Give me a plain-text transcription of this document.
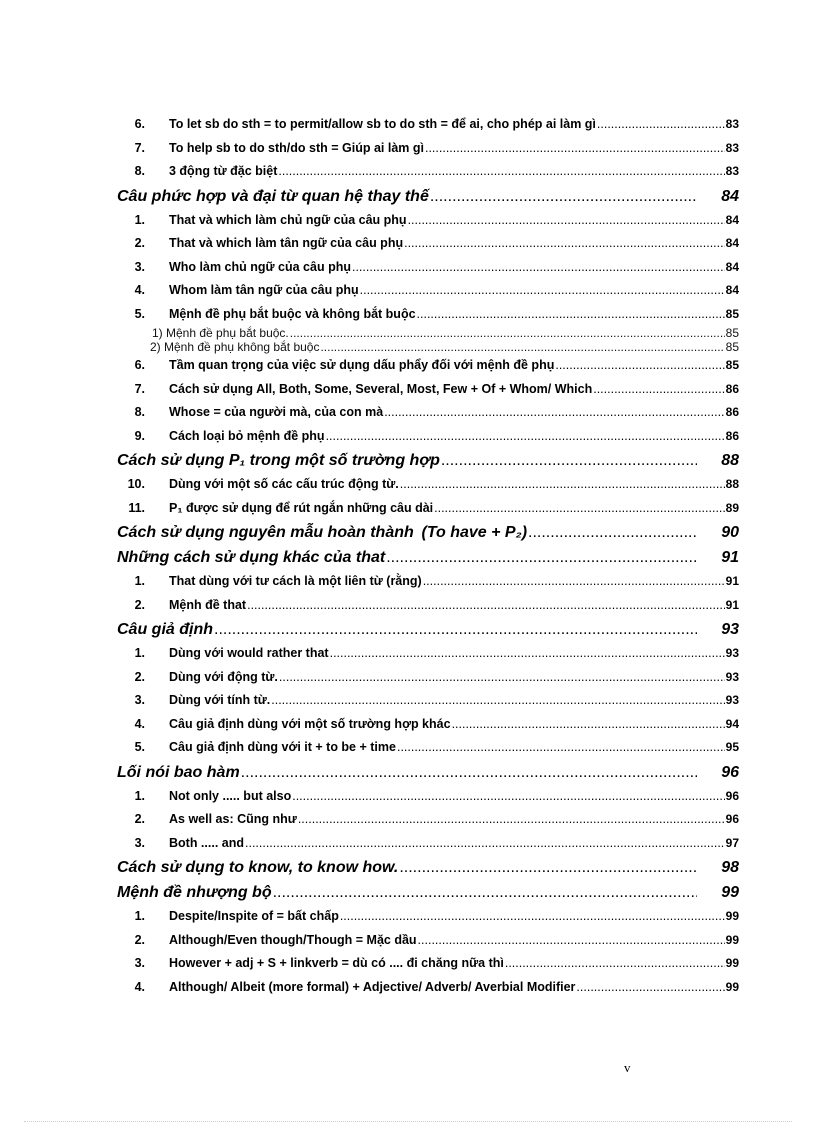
6. To let sb do sth = to permit/allow sb to do sth = để ai, cho phép ai làm gì .....	83
7. To help sb to do sth/do sth = Giúp ai làm gì .....	83
8. 3 động từ đặc biệt .....	83
Câu phức hợp và đại từ quan hệ thay thế .....	84
1. That và which làm chủ ngữ của câu phụ .....	84
2. That và which làm tân ngữ của câu phụ .....	84
3. Who làm chủ ngữ của câu phụ .....	84
4. Whom làm tân ngữ của câu phụ .....	84
5. Mệnh đề phụ bắt buộc và không bắt buộc .....	85
1) Mệnh đề phụ bắt buộc. .....	85
2) Mệnh đề phụ không bắt buộc .....	85
6. Tầm quan trọng của việc sử dụng dấu phẩy đối với mệnh đề phụ .....	85
7. Cách sử dụng All, Both, Some, Several, Most, Few + Of + Whom/ Which .....	86
8. Whose = của người mà, của con mà .....	86
9. Cách loại bỏ mệnh đề phụ .....	86
Cách sử dụng P₁ trong một số trường hợp .....	88
10. Dùng với một số các cấu trúc động từ. .....	88
11. P₁ được sử dụng để rút ngắn những câu dài .....	89
Cách sử dụng nguyên mẫu hoàn thành (To have + P₂) .....	90
Những cách sử dụng khác của that .....	91
1. That dùng với tư cách là một liên từ (rằng) .....	91
2. Mệnh đề that .....	91
Câu giả định .....	93
1. Dùng với would rather that .....	93
2. Dùng với động từ. .....	93
3. Dùng với tính từ. .....	93
4. Câu giả định dùng với một số trường hợp khác .....	94
5. Câu giả định dùng với it + to be + time .....	95
Lối nói bao hàm .....	96
1. Not only ..... but also .....	96
2. As well as: Cũng như .....	96
3. Both ..... and .....	97
Cách sử dụng to know, to know how. .....	98
Mệnh đề nhượng bộ .....	99
1. Despite/Inspite of = bất chấp .....	99
2. Although/Even though/Though = Mặc dầu .....	99
3. However + adj + S + linkverb = dù có .... đi chăng nữa thì .....	99
4. Although/ Albeit (more formal) + Adjective/ Adverb/ Averbial Modifier .....	99
v
